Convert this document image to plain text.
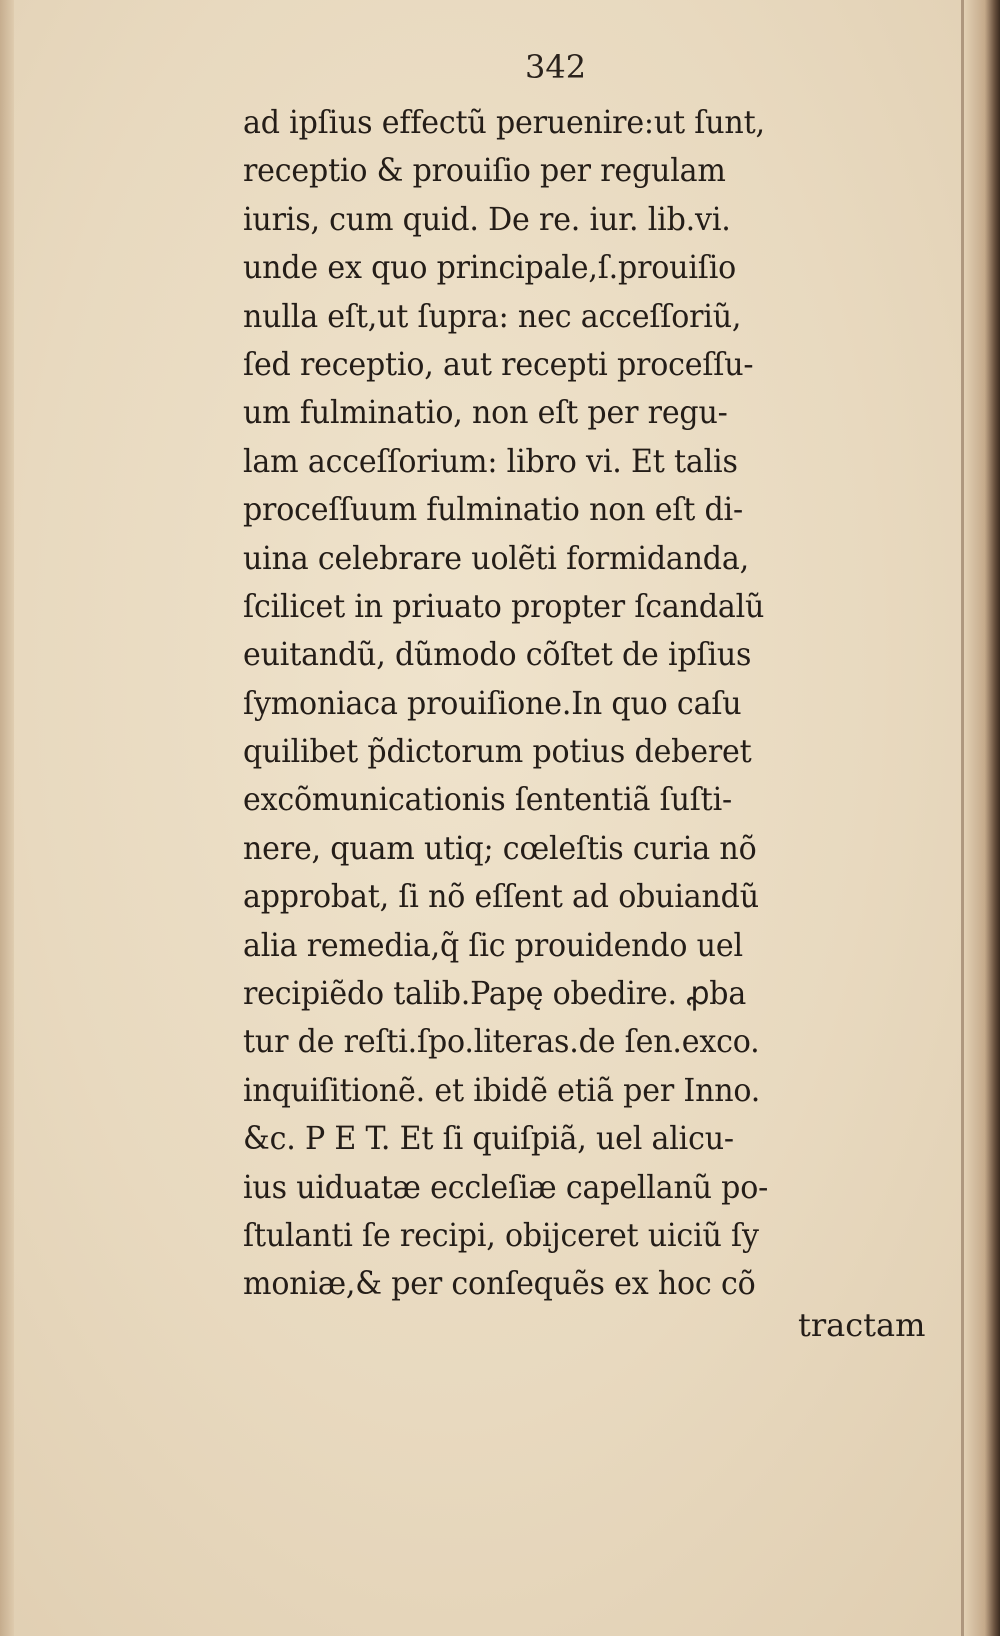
342
ad ipſius effectũ peruenire:ut ſunt,
receptio & prouiſio per regulam
iuris, cum quid. De re. iur. lib.vi.
unde ex quo principale,ſ.prouiſio
nulla eſt,ut ſupra: nec acceſſoriũ,
ſed receptio, aut recepti proceſſu-
um fulminatio, non eſt per regu-
lam acceſſorium: libro vi. Et talis
proceſſuum fulminatio non eſt di-
uina celebrare uolẽti formidanda,
ſcilicet in priuato propter ſcandalũ
euitandũ, dũmodo cõſtet de ipſius
ſymoniaca prouiſione.In quo caſu
quilibet p̃dictorum potius deberet
excõmunicationis ſententiã ſuſti-
nere, quam utiq; cœleſtis curia nõ
approbat, ſi nõ eſſent ad obuiandũ
alia remedia,q̃ ſic prouidendo uel
recipiẽdo talib.Papę obedire. ꝓba
tur de reſti.ſpo.literas.de ſen.exco.
inquiſitionẽ. et ibidẽ etiã per Inno.
&c. P E T. Et ſi quiſpiã, uel alicu-
ius uiduatæ eccleſiæ capellanũ po-
ſtulanti ſe recipi, obijceret uiciũ ſy
moniæ,& per conſequẽs ex hoc cõ
tractam
